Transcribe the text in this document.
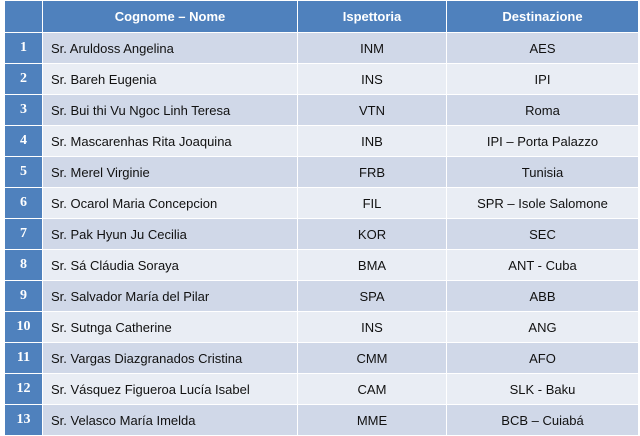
	Cognome – Nome	Ispettoria	Destinazione
1	Sr. Aruldoss Angelina	INM	AES
2	Sr. Bareh Eugenia	INS	IPI
3	Sr. Bui thi Vu Ngoc Linh Teresa	VTN	Roma
4	Sr. Mascarenhas Rita Joaquina	INB	IPI – Porta Palazzo
5	Sr. Merel Virginie	FRB	Tunisia
6	Sr. Ocarol Maria Concepcion	FIL	SPR – Isole Salomone
7	Sr. Pak Hyun Ju Cecilia	KOR	SEC
8	Sr. Sá Cláudia Soraya	BMA	ANT - Cuba
9	Sr. Salvador María del Pilar	SPA	ABB
10	Sr. Sutnga Catherine	INS	ANG
11	Sr. Vargas Diazgranados Cristina	CMM	AFO
12	Sr. Vásquez Figueroa Lucía Isabel	CAM	SLK - Baku
13	Sr. Velasco María Imelda	MME	BCB – Cuiabá
